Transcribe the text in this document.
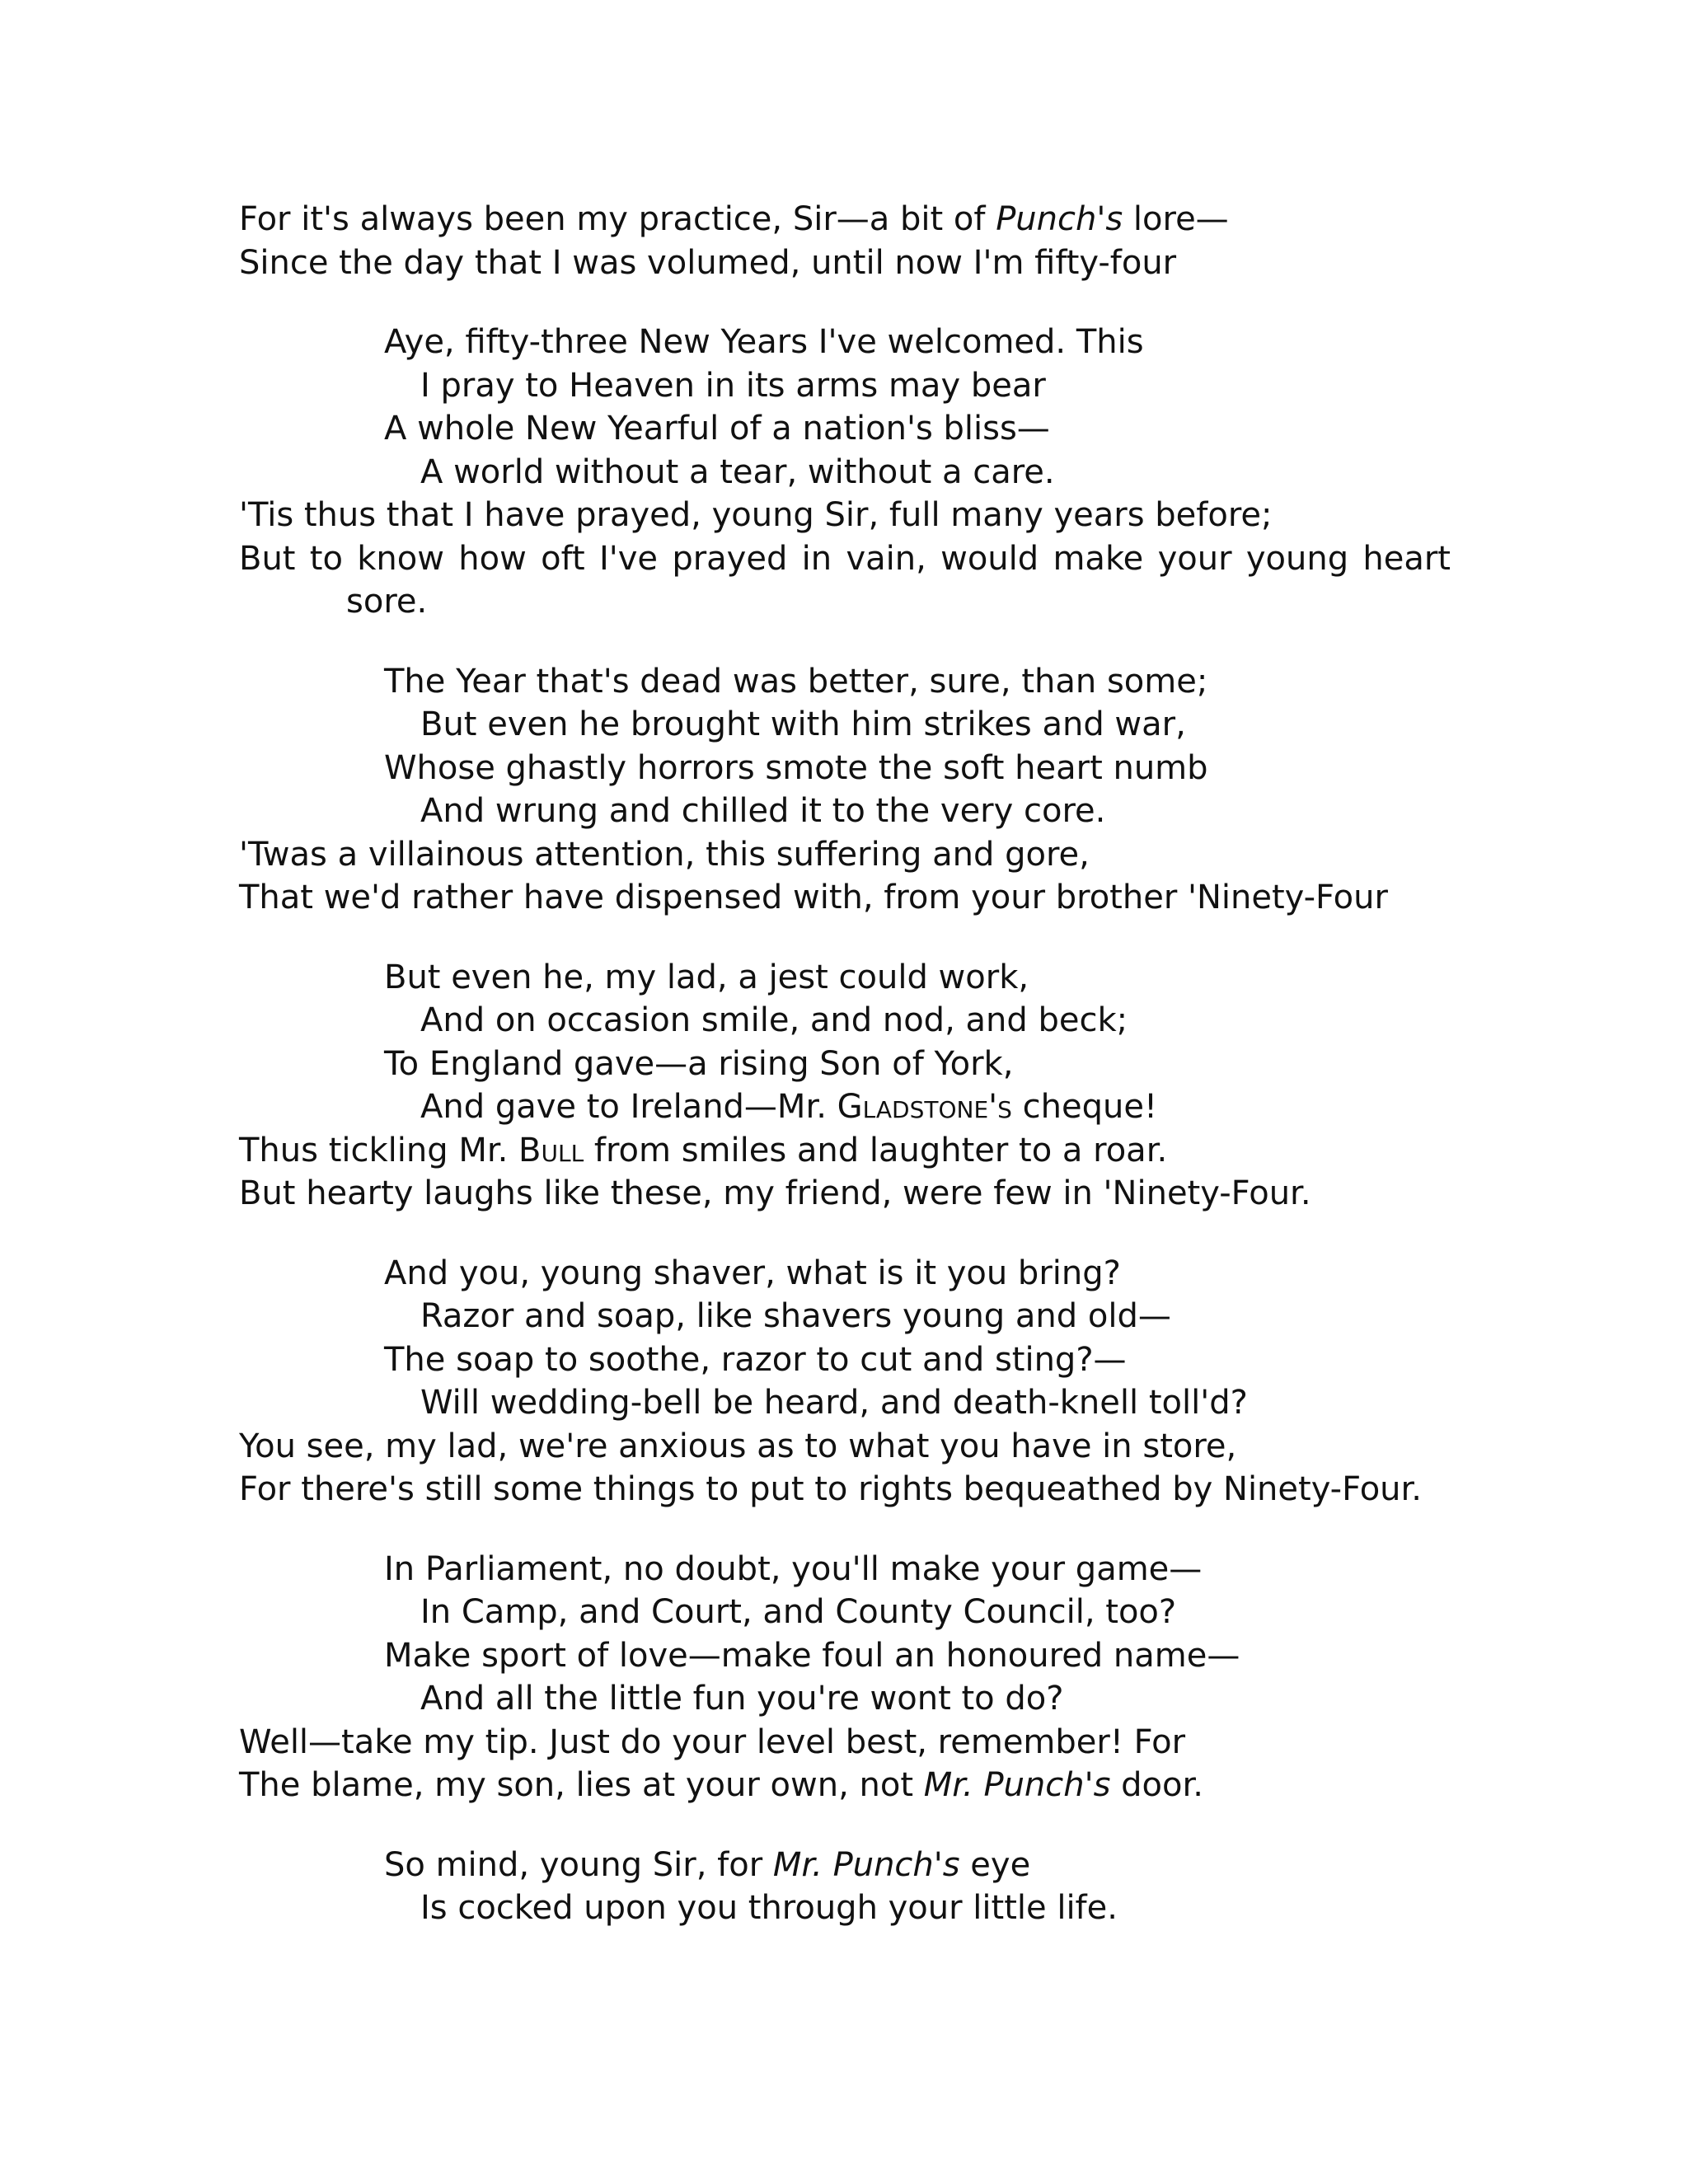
For it's always been my practice, Sir—a bit of Punch's lore—
Since the day that I was volumed, until now I'm fifty-four
Aye, fifty-three New Years I've welcomed. This
I pray to Heaven in its arms may bear
A whole New Yearful of a nation's bliss—
A world without a tear, without a care.
'Tis thus that I have prayed, young Sir, full many years before;
But to know how oft I've prayed in vain, would make your young heart sore.
The Year that's dead was better, sure, than some;
But even he brought with him strikes and war,
Whose ghastly horrors smote the soft heart numb
And wrung and chilled it to the very core.
'Twas a villainous attention, this suffering and gore,
That we'd rather have dispensed with, from your brother 'Ninety-Four
But even he, my lad, a jest could work,
And on occasion smile, and nod, and beck;
To England gave—a rising Son of York,
And gave to Ireland—Mr. Gladstone's cheque!
Thus tickling Mr. Bull from smiles and laughter to a roar.
But hearty laughs like these, my friend, were few in 'Ninety-Four.
And you, young shaver, what is it you bring?
Razor and soap, like shavers young and old—
The soap to soothe, razor to cut and sting?—
Will wedding-bell be heard, and death-knell toll'd?
You see, my lad, we're anxious as to what you have in store,
For there's still some things to put to rights bequeathed by Ninety-Four.
In Parliament, no doubt, you'll make your game—
In Camp, and Court, and County Council, too?
Make sport of love—make foul an honoured name—
And all the little fun you're wont to do?
Well—take my tip. Just do your level best, remember! For
The blame, my son, lies at your own, not Mr. Punch's door.
So mind, young Sir, for Mr. Punch's eye
Is cocked upon you through your little life.
